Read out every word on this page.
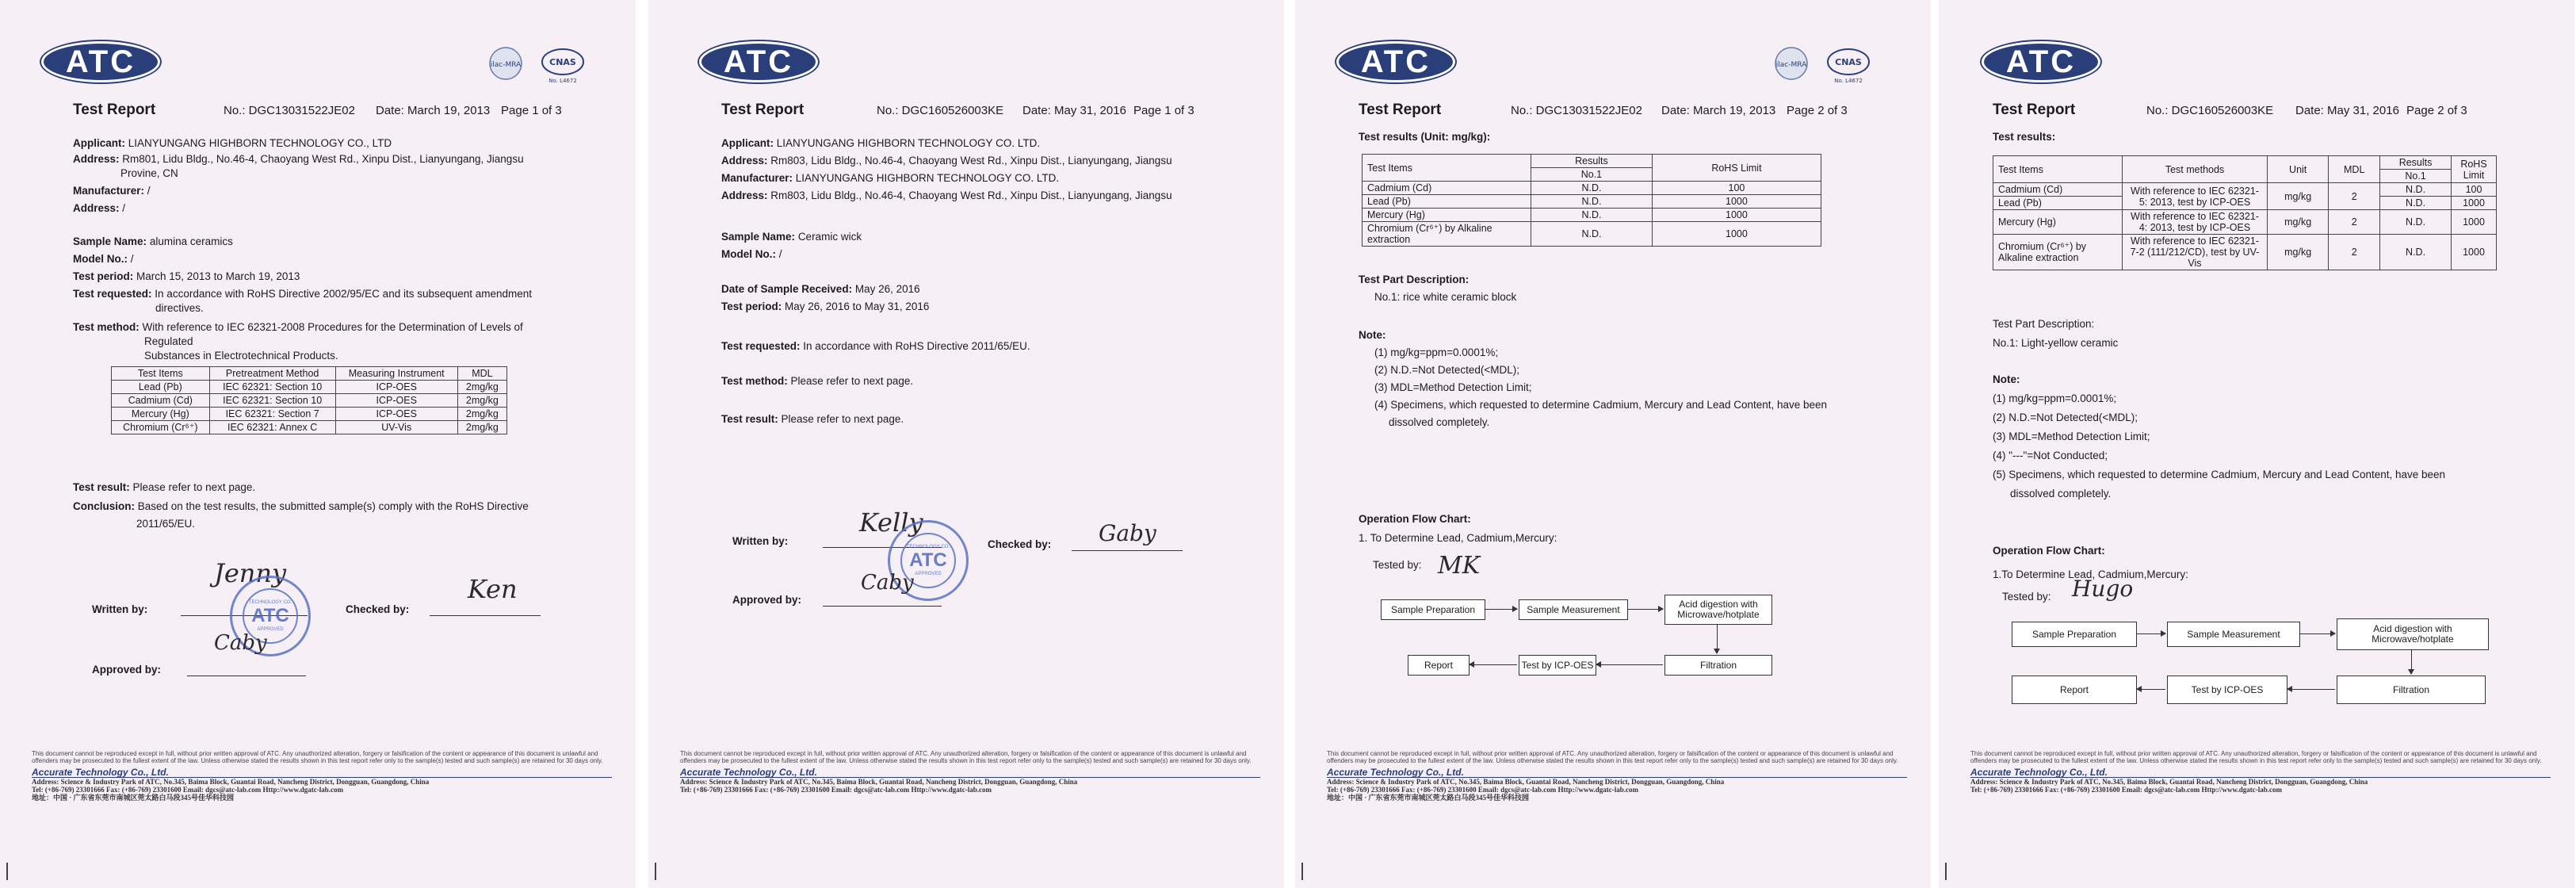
ATC	ilac-MRA	CNAS
No. L4672
Test Report	No.: DGC13031522JE02 Date: March 19, 2013 Page 1 of 3
Applicant: LIANYUNGANG HIGHBORN TECHNOLOGY CO., LTD
Address: Rm801, Lidu Bldg., No.46-4, Chaoyang West Rd., Xinpu Dist., Lianyungang, Jiangsu
Provine, CN
Manufacturer: /
Address: /
Sample Name: alumina ceramics
Model No.: /
Test period: March 15, 2013 to March 19, 2013
Test requested: In accordance with RoHS Directive 2002/95/EC and its subsequent amendment
directives.
Test method: With reference to IEC 62321-2008 Procedures for the Determination of Levels of
Regulated
Substances in Electrotechnical Products.
Test Items	Pretreatment Method	Measuring Instrument	MDL
Lead (Pb)	IEC 62321: Section 10	ICP-OES	2mg/kg
Cadmium (Cd)	IEC 62321: Section 10	ICP-OES	2mg/kg
Mercury (Hg)	IEC 62321: Section 7	ICP-OES	2mg/kg
Chromium (Cr⁶⁺)	IEC 62321: Annex C	UV-Vis	2mg/kg
Test result: Please refer to next page.
Conclusion: Based on the test results, the submitted sample(s) comply with the RoHS Directive
2011/65/EU.
Written by:
Jenny
TECHNOLOGY CO.
ATC
APPROVED
Checked by:
Ken
Approved by:
Caby
This document cannot be reproduced except in full, without prior written approval of ATC. Any unauthorized alteration, forgery or falsification of the content or appearance of this document is unlawful and offenders may be prosecuted to the fullest extent of the law. Unless otherwise stated the results shown in this test report refer only to the sample(s) tested and such sample(s) are retained for 30 days only.
Accurate Technology Co., Ltd.
Address: Science & Industry Park of ATC, No.345, Baima Block, Guantai Road, Nancheng District, Dongguan, Guangdong, China
Tel: (+86-769) 23301666 Fax: (+86-769) 23301600 Email: dgcs@atc-lab.com Http://www.dgatc-lab.com
地址：中国 · 广东省东莞市南城区莞太路白马段345号佳华科技园
ATC
Test Report	No.: DGC160526003KE Date: May 31, 2016 Page 1 of 3
Applicant: LIANYUNGANG HIGHBORN TECHNOLOGY CO. LTD.
Address: Rm803, Lidu Bldg., No.46-4, Chaoyang West Rd., Xinpu Dist., Lianyungang, Jiangsu
Manufacturer: LIANYUNGANG HIGHBORN TECHNOLOGY CO. LTD.
Address: Rm803, Lidu Bldg., No.46-4, Chaoyang West Rd., Xinpu Dist., Lianyungang, Jiangsu
Sample Name: Ceramic wick
Model No.: /
Date of Sample Received: May 26, 2016
Test period: May 26, 2016 to May 31, 2016
Test requested: In accordance with RoHS Directive 2011/65/EU.
Test method: Please refer to next page.
Test result: Please refer to next page.
Written by:
Kelly
TECHNOLOGY CO.
ATC
APPROVED
Checked by: Gaby
Approved by:
Caby
This document cannot be reproduced except in full, without prior written approval of ATC. Any unauthorized alteration, forgery or falsification of the content or appearance of this document is unlawful and offenders may be prosecuted to the fullest extent of the law. Unless otherwise stated the results shown in this test report refer only to the sample(s) tested and such sample(s) are retained for 30 days only.
Accurate Technology Co., Ltd.
Address: Science & Industry Park of ATC, No.345, Baima Block, Guantai Road, Nancheng District, Dongguan, Guangdong, China
Tel: (+86-769) 23301666 Fax: (+86-769) 23301600 Email: dgcs@atc-lab.com Http://www.dgatc-lab.com
ATC	ilac-MRA	CNAS
No. L4672
Test Report	No.: DGC13031522JE02 Date: March 19, 2013 Page 2 of 3
Test results (Unit: mg/kg):
Test Items	Results	RoHS Limit
	No.1	
Cadmium (Cd)	N.D.	100
Lead (Pb)	N.D.	1000
Mercury (Hg)	N.D.	1000
Chromium (Cr⁶⁺) by Alkaline extraction	N.D.	1000
Test Part Description:
No.1: rice white ceramic block
Note:
(1) mg/kg=ppm=0.0001%;
(2) N.D.=Not Detected(<MDL);
(3) MDL=Method Detection Limit;
(4) Specimens, which requested to determine Cadmium, Mercury and Lead Content, have been
dissolved completely.
Operation Flow Chart:
1. To Determine Lead, Cadmium,Mercury:
Tested by: MK
Sample Preparation	Sample Measurement	Acid digestion with Microwave/hotplate
Filtration
Test by ICP-OES
Report
This document cannot be reproduced except in full, without prior written approval of ATC. Any unauthorized alteration, forgery or falsification of the content or appearance of this document is unlawful and offenders may be prosecuted to the fullest extent of the law. Unless otherwise stated the results shown in this test report refer only to the sample(s) tested and such sample(s) are retained for 30 days only.
Accurate Technology Co., Ltd.
Address: Science & Industry Park of ATC, No.345, Baima Block, Guantai Road, Nancheng District, Dongguan, Guangdong, China
Tel: (+86-769) 23301666 Fax: (+86-769) 23301600 Email: dgcs@atc-lab.com Http://www.dgatc-lab.com
地址：中国 · 广东省东莞市南城区莞太路白马段345号佳华科技园
ATC
Test Report	No.: DGC160526003KE Date: May 31, 2016 Page 2 of 3
Test results:
Test Items	Test methods	Unit	MDL	Results	RoHS Limit
				No.1	
Cadmium (Cd)	With reference to IEC 62321-5: 2013, test by ICP-OES	mg/kg	2	N.D.	100
Lead (Pb)				N.D.	1000
Mercury (Hg)	With reference to IEC 62321-4: 2013, test by ICP-OES	mg/kg	2	N.D.	1000
Chromium (Cr⁶⁺) by Alkaline extraction	With reference to IEC 62321-7-2 (111/212/CD), test by UV-Vis	mg/kg	2	N.D.	1000
Test Part Description:
No.1: Light-yellow ceramic
Note:
(1) mg/kg=ppm=0.0001%;
(2) N.D.=Not Detected(<MDL);
(3) MDL=Method Detection Limit;
(4) "---"=Not Conducted;
(5) Specimens, which requested to determine Cadmium, Mercury and Lead Content, have been
dissolved completely.
Operation Flow Chart:
1.To Determine Lead, Cadmium,Mercury:
Tested by: Hugo
Sample Preparation	Sample Measurement	Acid digestion with Microwave/hotplate
Filtration
Test by ICP-OES
Report
This document cannot be reproduced except in full, without prior written approval of ATC. Any unauthorized alteration, forgery or falsification of the content or appearance of this document is unlawful and offenders may be prosecuted to the fullest extent of the law. Unless otherwise stated the results shown in this test report refer only to the sample(s) tested and such sample(s) are retained for 30 days only.
Accurate Technology Co., Ltd.
Address: Science & Industry Park of ATC, No.345, Baima Block, Guantai Road, Nancheng District, Dongguan, Guangdong, China
Tel: (+86-769) 23301666 Fax: (+86-769) 23301600 Email: dgcs@atc-lab.com Http://www.dgatc-lab.com
